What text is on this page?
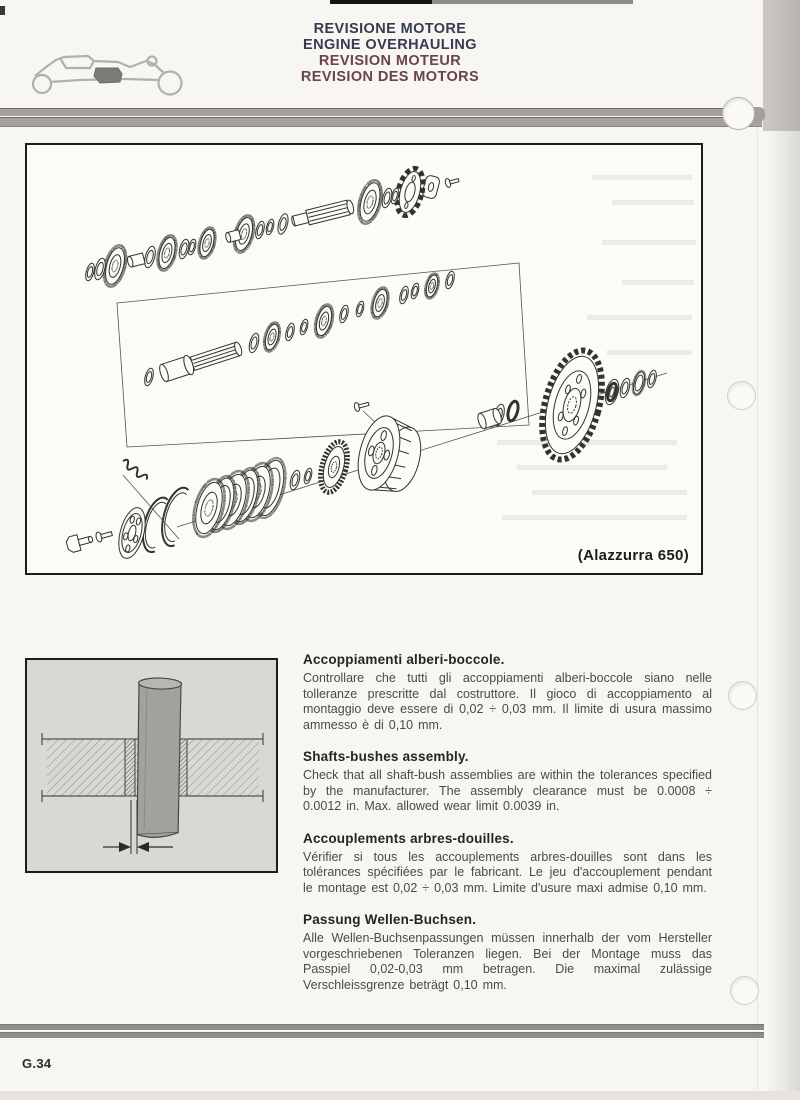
REVISIONE MOTORE
ENGINE OVERHAULING
REVISION MOTEUR
REVISION DES MOTORS
(Alazzurra 650)
Accoppiamenti alberi-boccole.

Controllare che tutti gli accoppiamenti alberi-boccole siano nelle tolleranze prescritte dal costruttore. Il gioco di accoppiamento al montaggio deve essere di 0,02 ÷ 0,03 mm. Il limite di usura massimo ammesso è di 0,10 mm.

Shafts-bushes assembly.

Check that all shaft-bush assemblies are within the tolerances specified by the manufacturer. The assembly clearance must be 0.0008 ÷ 0.0012 in. Max. allowed wear limit 0.0039 in.

Accouplements arbres-douilles.

Vérifier si tous les accouplements arbres-douilles sont dans les tolérances spécifiées par le fabricant. Le jeu d'accouplement pendant le montage est 0,02 ÷ 0,03 mm. Limite d'usure maxi admise 0,10 mm.

Passung Wellen-Buchsen.

Alle Wellen-Buchsenpassungen müssen innerhalb der vom Hersteller vorgeschriebenen Toleranzen liegen. Bei der Montage muss das Passpiel 0,02-0,03 mm betragen. Die maximal zulässige Verschleissgrenze beträgt 0,10 mm.

G.34
